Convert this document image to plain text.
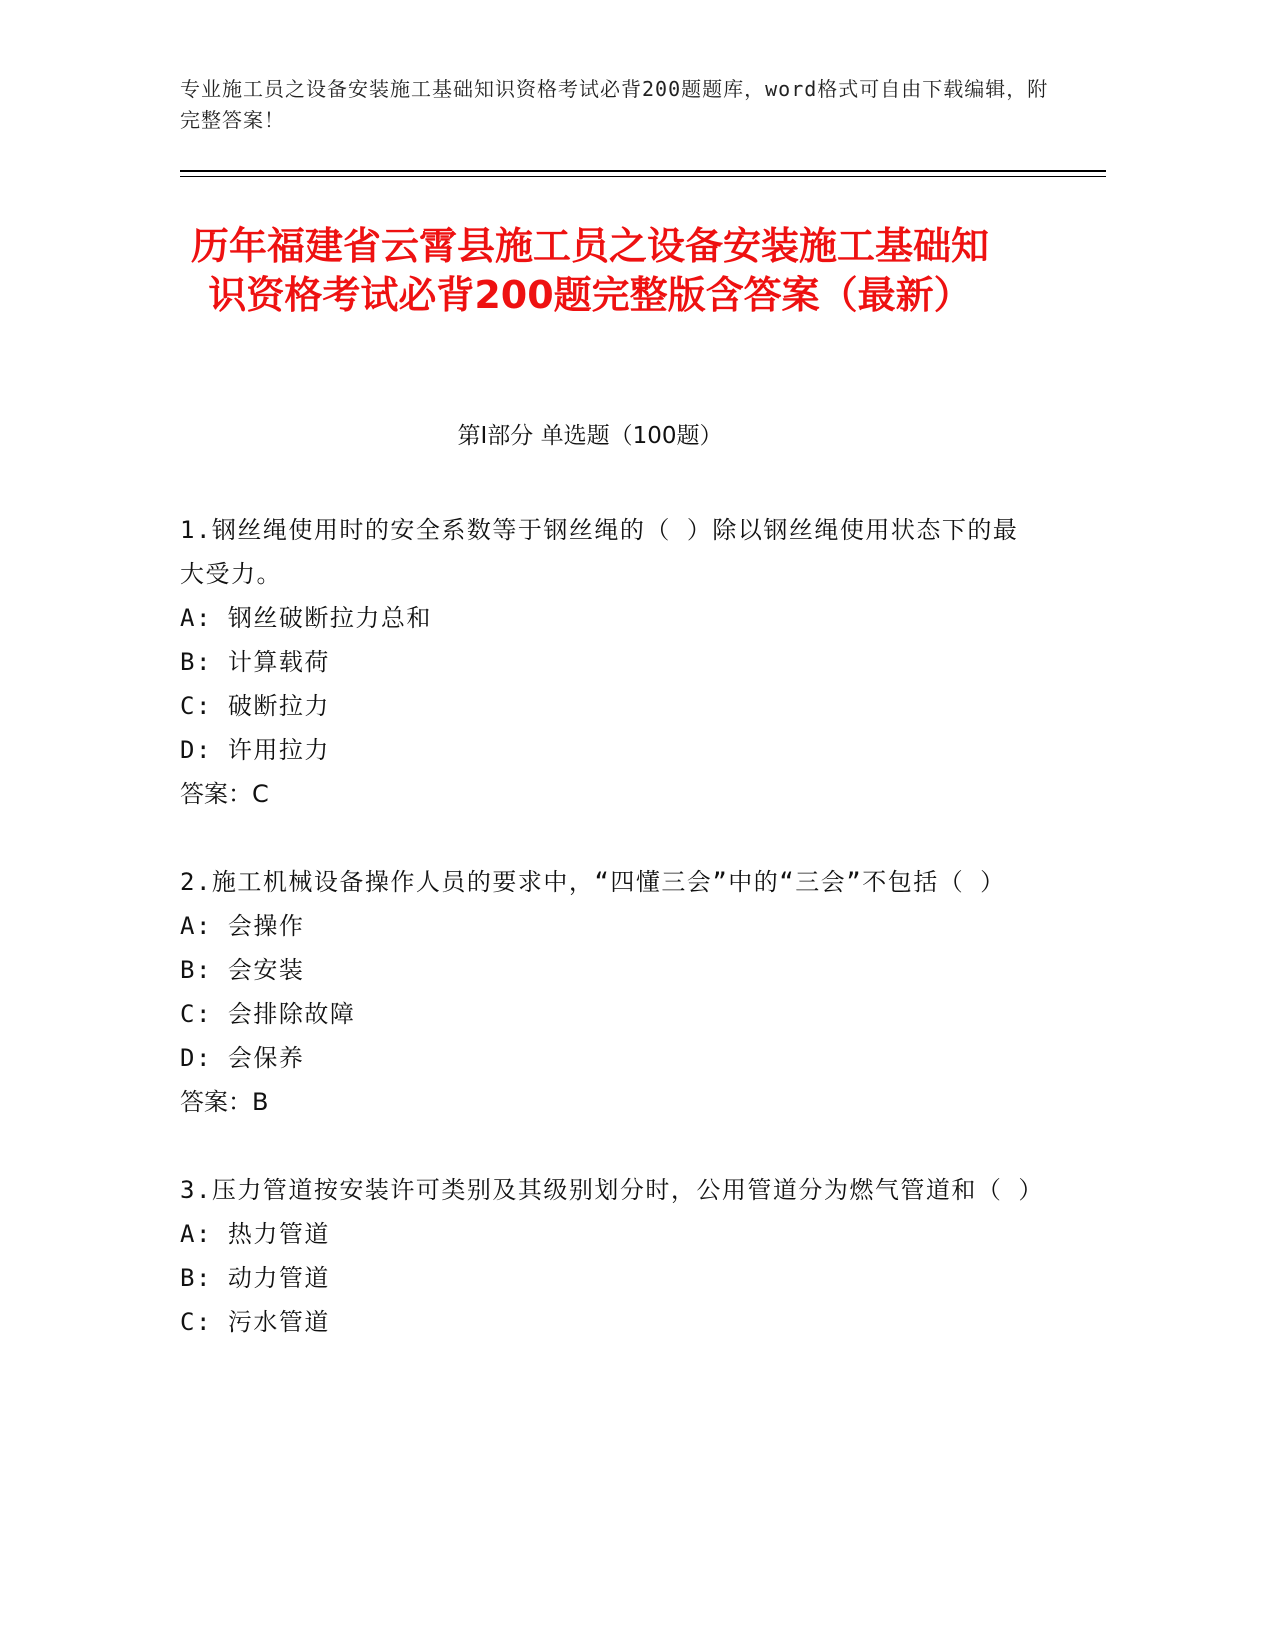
专业施工员之设备安装施工基础知识资格考试必背200题题库，word格式可自由下载编辑，附完整答案！
历年福建省云霄县施工员之设备安装施工基础知识资格考试必背200题完整版含答案（最新）
第Ⅰ部分 单选题（100题）

1.钢丝绳使用时的安全系数等于钢丝绳的（ ）除以钢丝绳使用状态下的最大受力。

A: 钢丝破断拉力总和

B: 计算载荷

C: 破断拉力

D: 许用拉力

答案：C

2.施工机械设备操作人员的要求中，“四懂三会”中的“三会”不包括（ ）

A: 会操作

B: 会安装

C: 会排除故障

D: 会保养

答案：B

3.压力管道按安装许可类别及其级别划分时，公用管道分为燃气管道和（ ）

A: 热力管道

B: 动力管道

C: 污水管道
